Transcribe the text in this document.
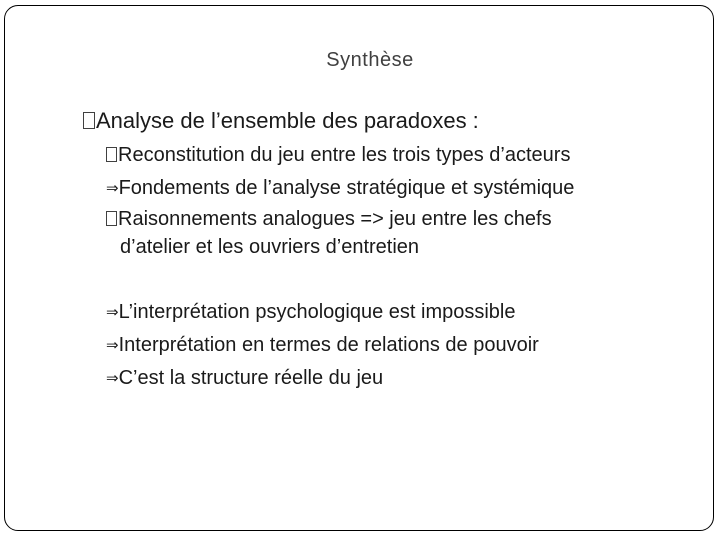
Synthèse
Analyse de l’ensemble des paradoxes :
Reconstitution du jeu entre les trois types d’acteurs
⇒Fondements de l’analyse stratégique et systémique
Raisonnements analogues => jeu entre les chefs
d’atelier et les ouvriers d’entretien
⇒L’interprétation psychologique est impossible
⇒Interprétation en termes de relations de pouvoir
⇒C’est la structure réelle du jeu
